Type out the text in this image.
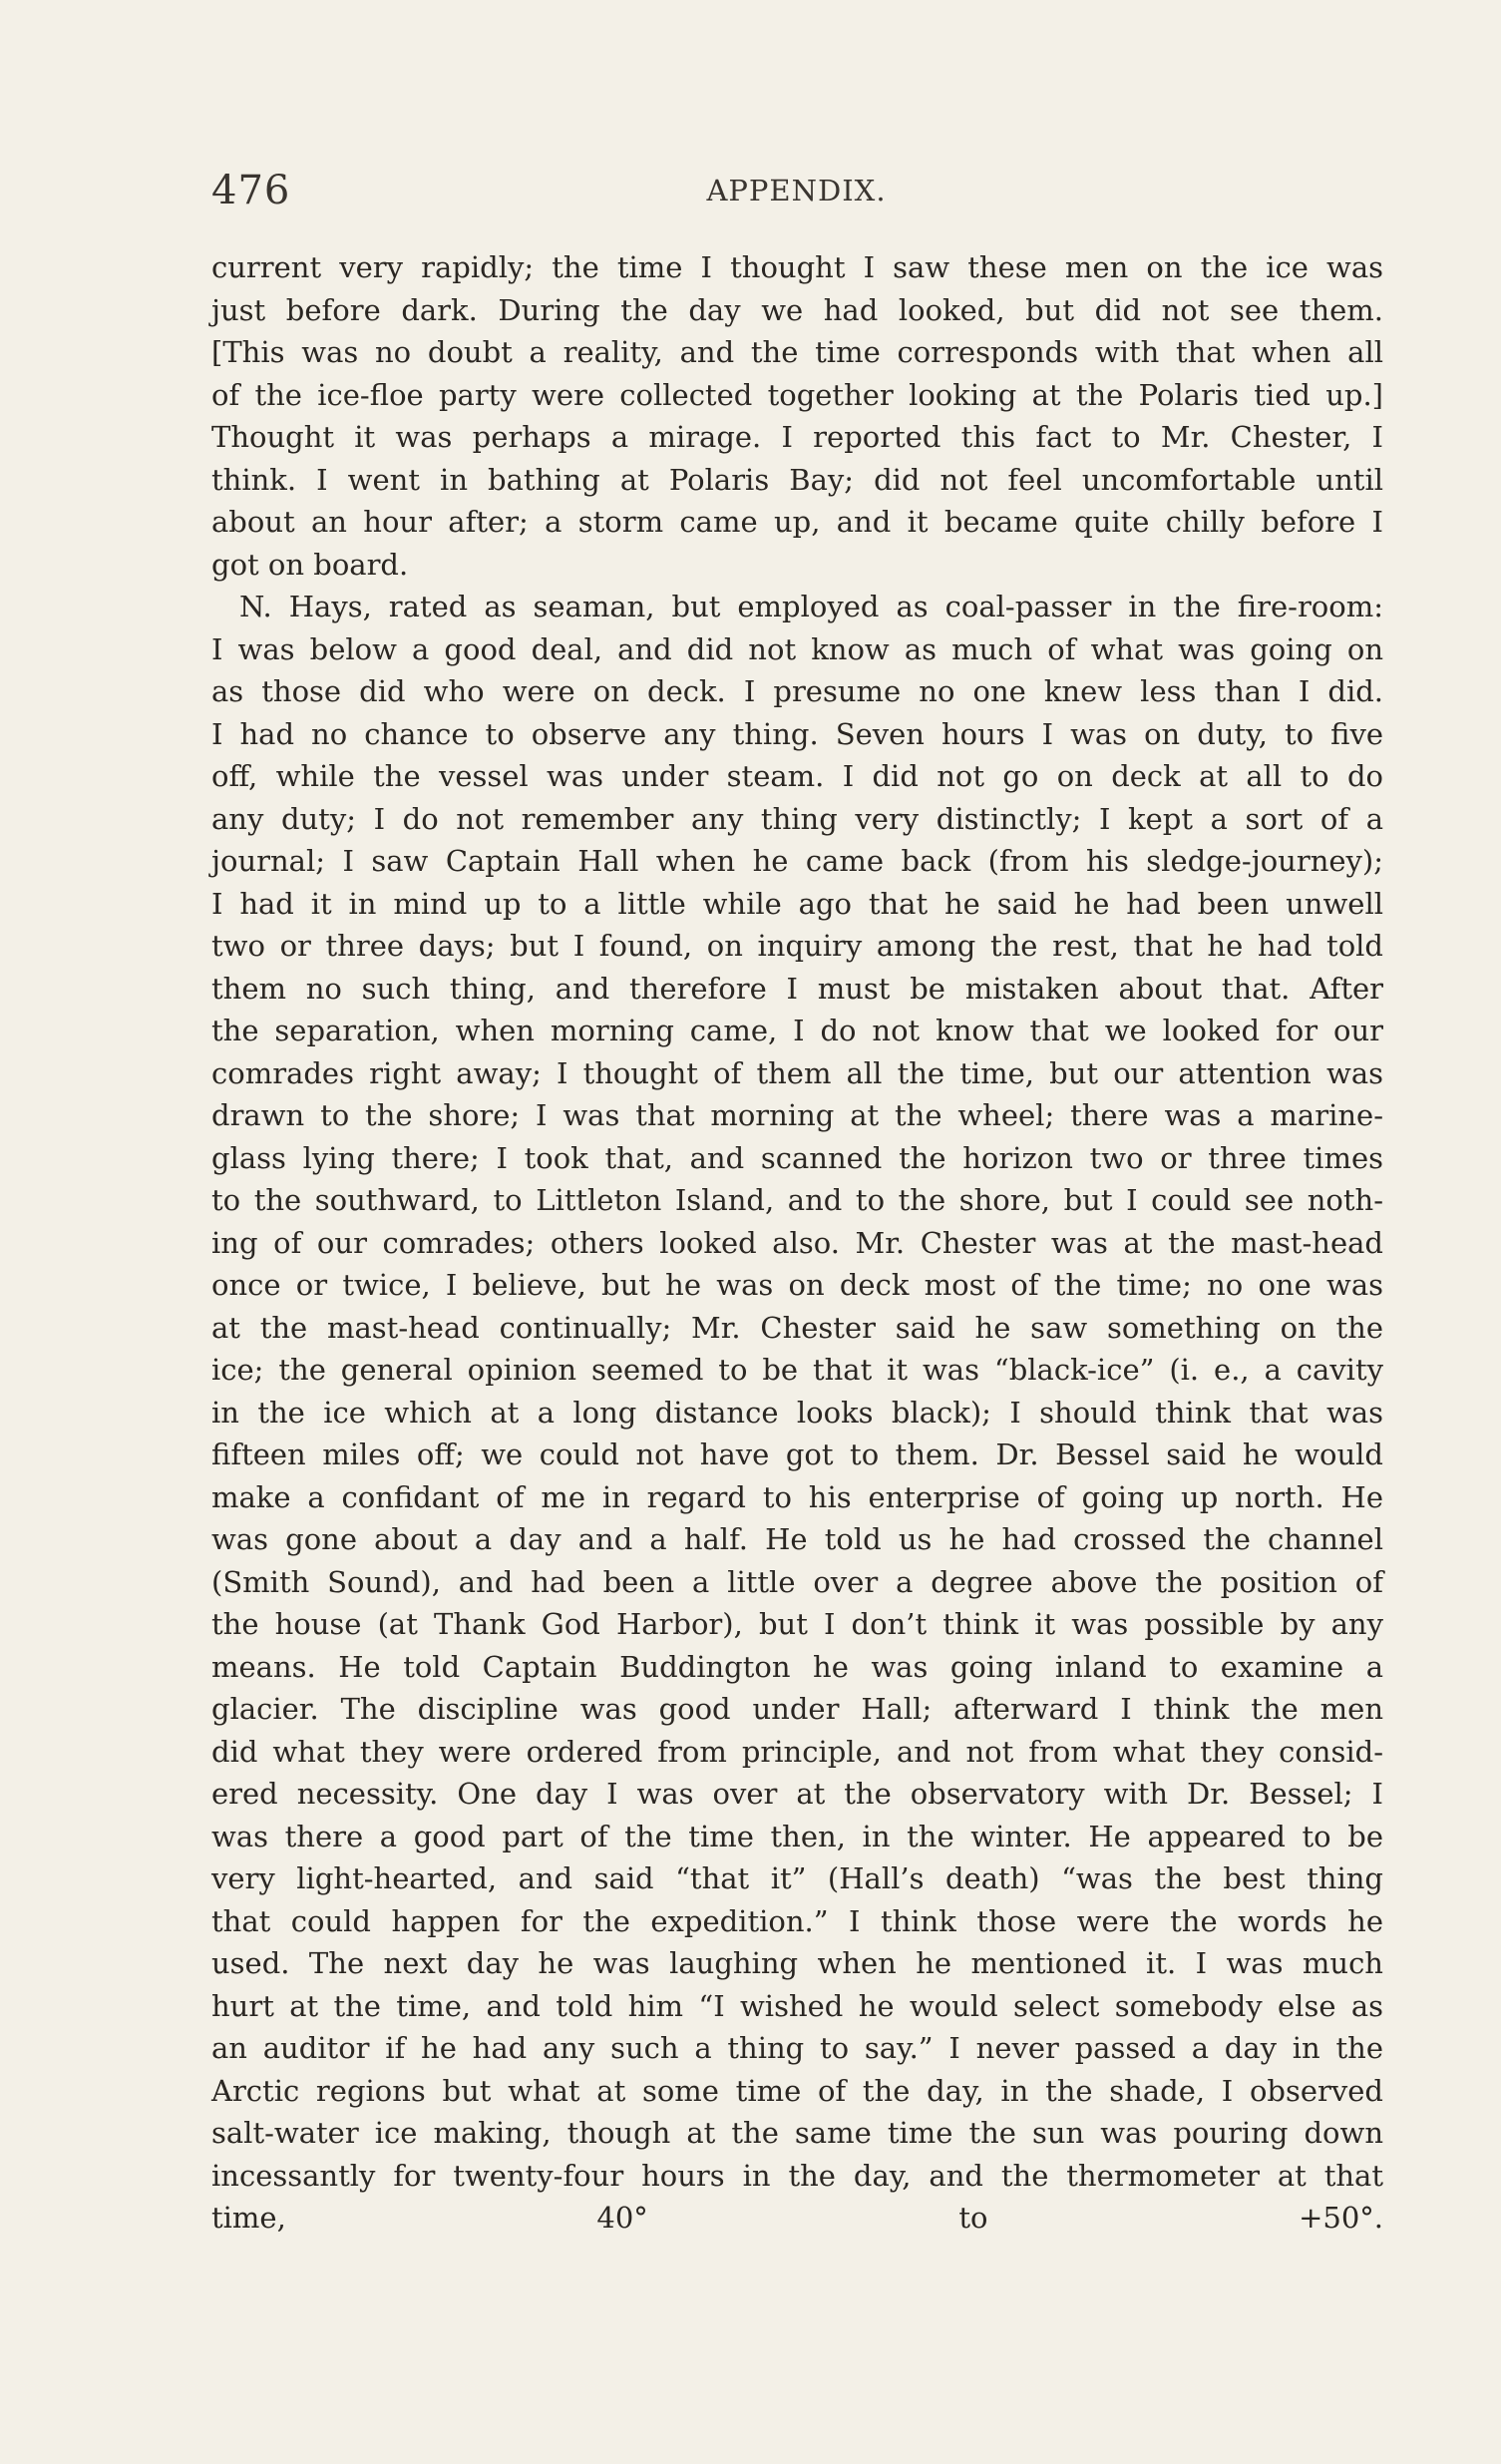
476	APPENDIX.
current very rapidly; the time I thought I saw these men on the ice was
just before dark. During the day we had looked, but did not see them.
[This was no doubt a reality, and the time corresponds with that when all
of the ice-floe party were collected together looking at the Polaris tied up.]
Thought it was perhaps a mirage. I reported this fact to Mr. Chester, I
think. I went in bathing at Polaris Bay; did not feel uncomfortable until
about an hour after; a storm came up, and it became quite chilly before I
got on board.
N. Hays, rated as seaman, but employed as coal-passer in the fire-room:
I was below a good deal, and did not know as much of what was going on
as those did who were on deck. I presume no one knew less than I did.
I had no chance to observe any thing. Seven hours I was on duty, to five
off, while the vessel was under steam. I did not go on deck at all to do
any duty; I do not remember any thing very distinctly; I kept a sort of a
journal; I saw Captain Hall when he came back (from his sledge-journey);
I had it in mind up to a little while ago that he said he had been unwell
two or three days; but I found, on inquiry among the rest, that he had told
them no such thing, and therefore I must be mistaken about that. After
the separation, when morning came, I do not know that we looked for our
comrades right away; I thought of them all the time, but our attention was
drawn to the shore; I was that morning at the wheel; there was a marine-
glass lying there; I took that, and scanned the horizon two or three times
to the southward, to Littleton Island, and to the shore, but I could see noth-
ing of our comrades; others looked also. Mr. Chester was at the mast-head
once or twice, I believe, but he was on deck most of the time; no one was
at the mast-head continually; Mr. Chester said he saw something on the
ice; the general opinion seemed to be that it was “black-ice” (i. e., a cavity
in the ice which at a long distance looks black); I should think that was
fifteen miles off; we could not have got to them. Dr. Bessel said he would
make a confidant of me in regard to his enterprise of going up north. He
was gone about a day and a half. He told us he had crossed the channel
(Smith Sound), and had been a little over a degree above the position of
the house (at Thank God Harbor), but I don’t think it was possible by any
means. He told Captain Buddington he was going inland to examine a
glacier. The discipline was good under Hall; afterward I think the men
did what they were ordered from principle, and not from what they consid-
ered necessity. One day I was over at the observatory with Dr. Bessel; I
was there a good part of the time then, in the winter. He appeared to be
very light-hearted, and said “that it” (Hall’s death) “was the best thing
that could happen for the expedition.” I think those were the words he
used. The next day he was laughing when he mentioned it. I was much
hurt at the time, and told him “I wished he would select somebody else as
an auditor if he had any such a thing to say.” I never passed a day in the
Arctic regions but what at some time of the day, in the shade, I observed
salt-water ice making, though at the same time the sun was pouring down
incessantly for twenty-four hours in the day, and the thermometer at that
time, 40° to +50°.
